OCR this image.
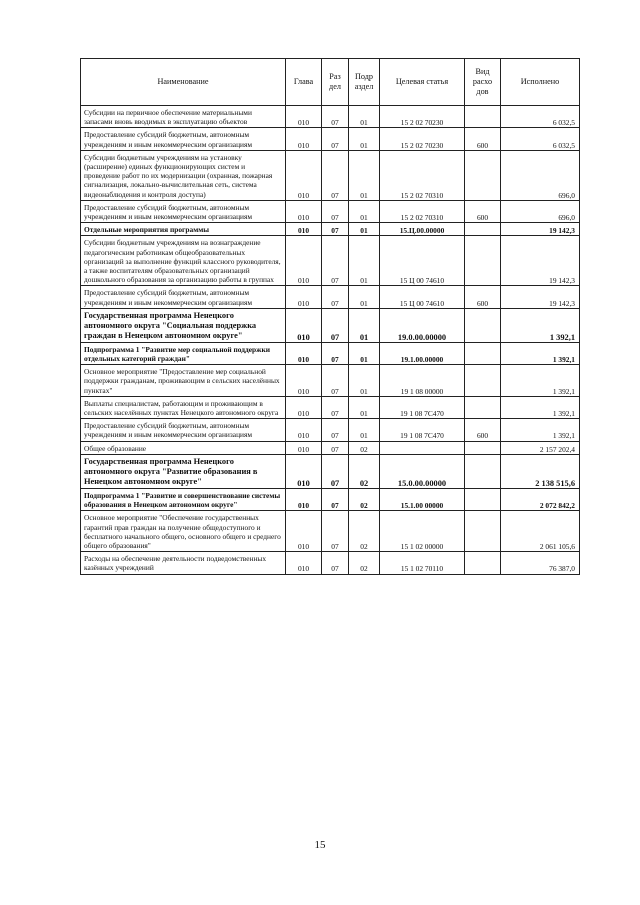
Наименование	Глава	Раз дел	Подр аздел	Целевая статья	Вид расхо дов	Исполнено
Субсидии на первичное обеспечение материальными запасами вновь вводимых в эксплуатацию объектов	010	07	01	15 2 02 70230		6 032,5
Предоставление субсидий бюджетным, автономным учреждениям и иным некоммерческим организациям	010	07	01	15 2 02 70230	600	6 032,5
Субсидии бюджетным учреждениям на установку (расширение) единых функционирующих систем и проведение работ по их модернизации (охранная, пожарная сигнализация, локально-вычислительная сеть, система видеонаблюдения и контроля доступа)	010	07	01	15 2 02 70310		696,0
Предоставление субсидий бюджетным, автономным учреждениям и иным некоммерческим организациям	010	07	01	15 2 02 70310	600	696,0
Отдельные мероприятия программы	010	07	01	15.Ц.00.00000		19 142,3
Субсидии бюджетным учреждениям на вознаграждение педагогическим работникам общеобразовательных организаций за выполнение функций классного руководителя, а также воспитателям образовательных организаций дошкольного образования за организацию работы в группах	010	07	01	15 Ц 00 74610		19 142,3
Предоставление субсидий бюджетным, автономным учреждениям и иным некоммерческим организациям	010	07	01	15 Ц 00 74610	600	19 142,3
Государственная программа Ненецкого автономного округа "Социальная поддержка граждан в Ненецком автономном округе"	010	07	01	19.0.00.00000		1 392,1
Подпрограмма 1 "Развитие мер социальной поддержки отдельных категорий граждан"	010	07	01	19.1.00.00000		1 392,1
Основное мероприятие "Предоставление мер социальной поддержки гражданам, проживающим в сельских населённых пунктах"	010	07	01	19 1 08 00000		1 392,1
Выплаты специалистам, работающим и проживающим в сельских населённых пунктах Ненецкого автономного округа	010	07	01	19 1 08 7С470		1 392,1
Предоставление субсидий бюджетным, автономным учреждениям и иным некоммерческим организациям	010	07	01	19 1 08 7С470	600	1 392,1
Общее образование	010	07	02			2 157 202,4
Государственная программа Ненецкого автономного округа "Развитие образования в Ненецком автономном округе"	010	07	02	15.0.00.00000		2 138 515,6
Подпрограмма 1 "Развитие и совершенствование системы образования в Ненецком автономном округе"	010	07	02	15.1.00 00000		2 072 842,2
Основное мероприятие "Обеспечение государственных гарантий прав граждан на получение общедоступного и бесплатного начального общего, основного общего и среднего общего образования"	010	07	02	15 1 02 00000		2 061 105,6
Расходы на обеспечение деятельности подведомственных казённых учреждений	010	07	02	15 1 02 70110		76 387,0
15
